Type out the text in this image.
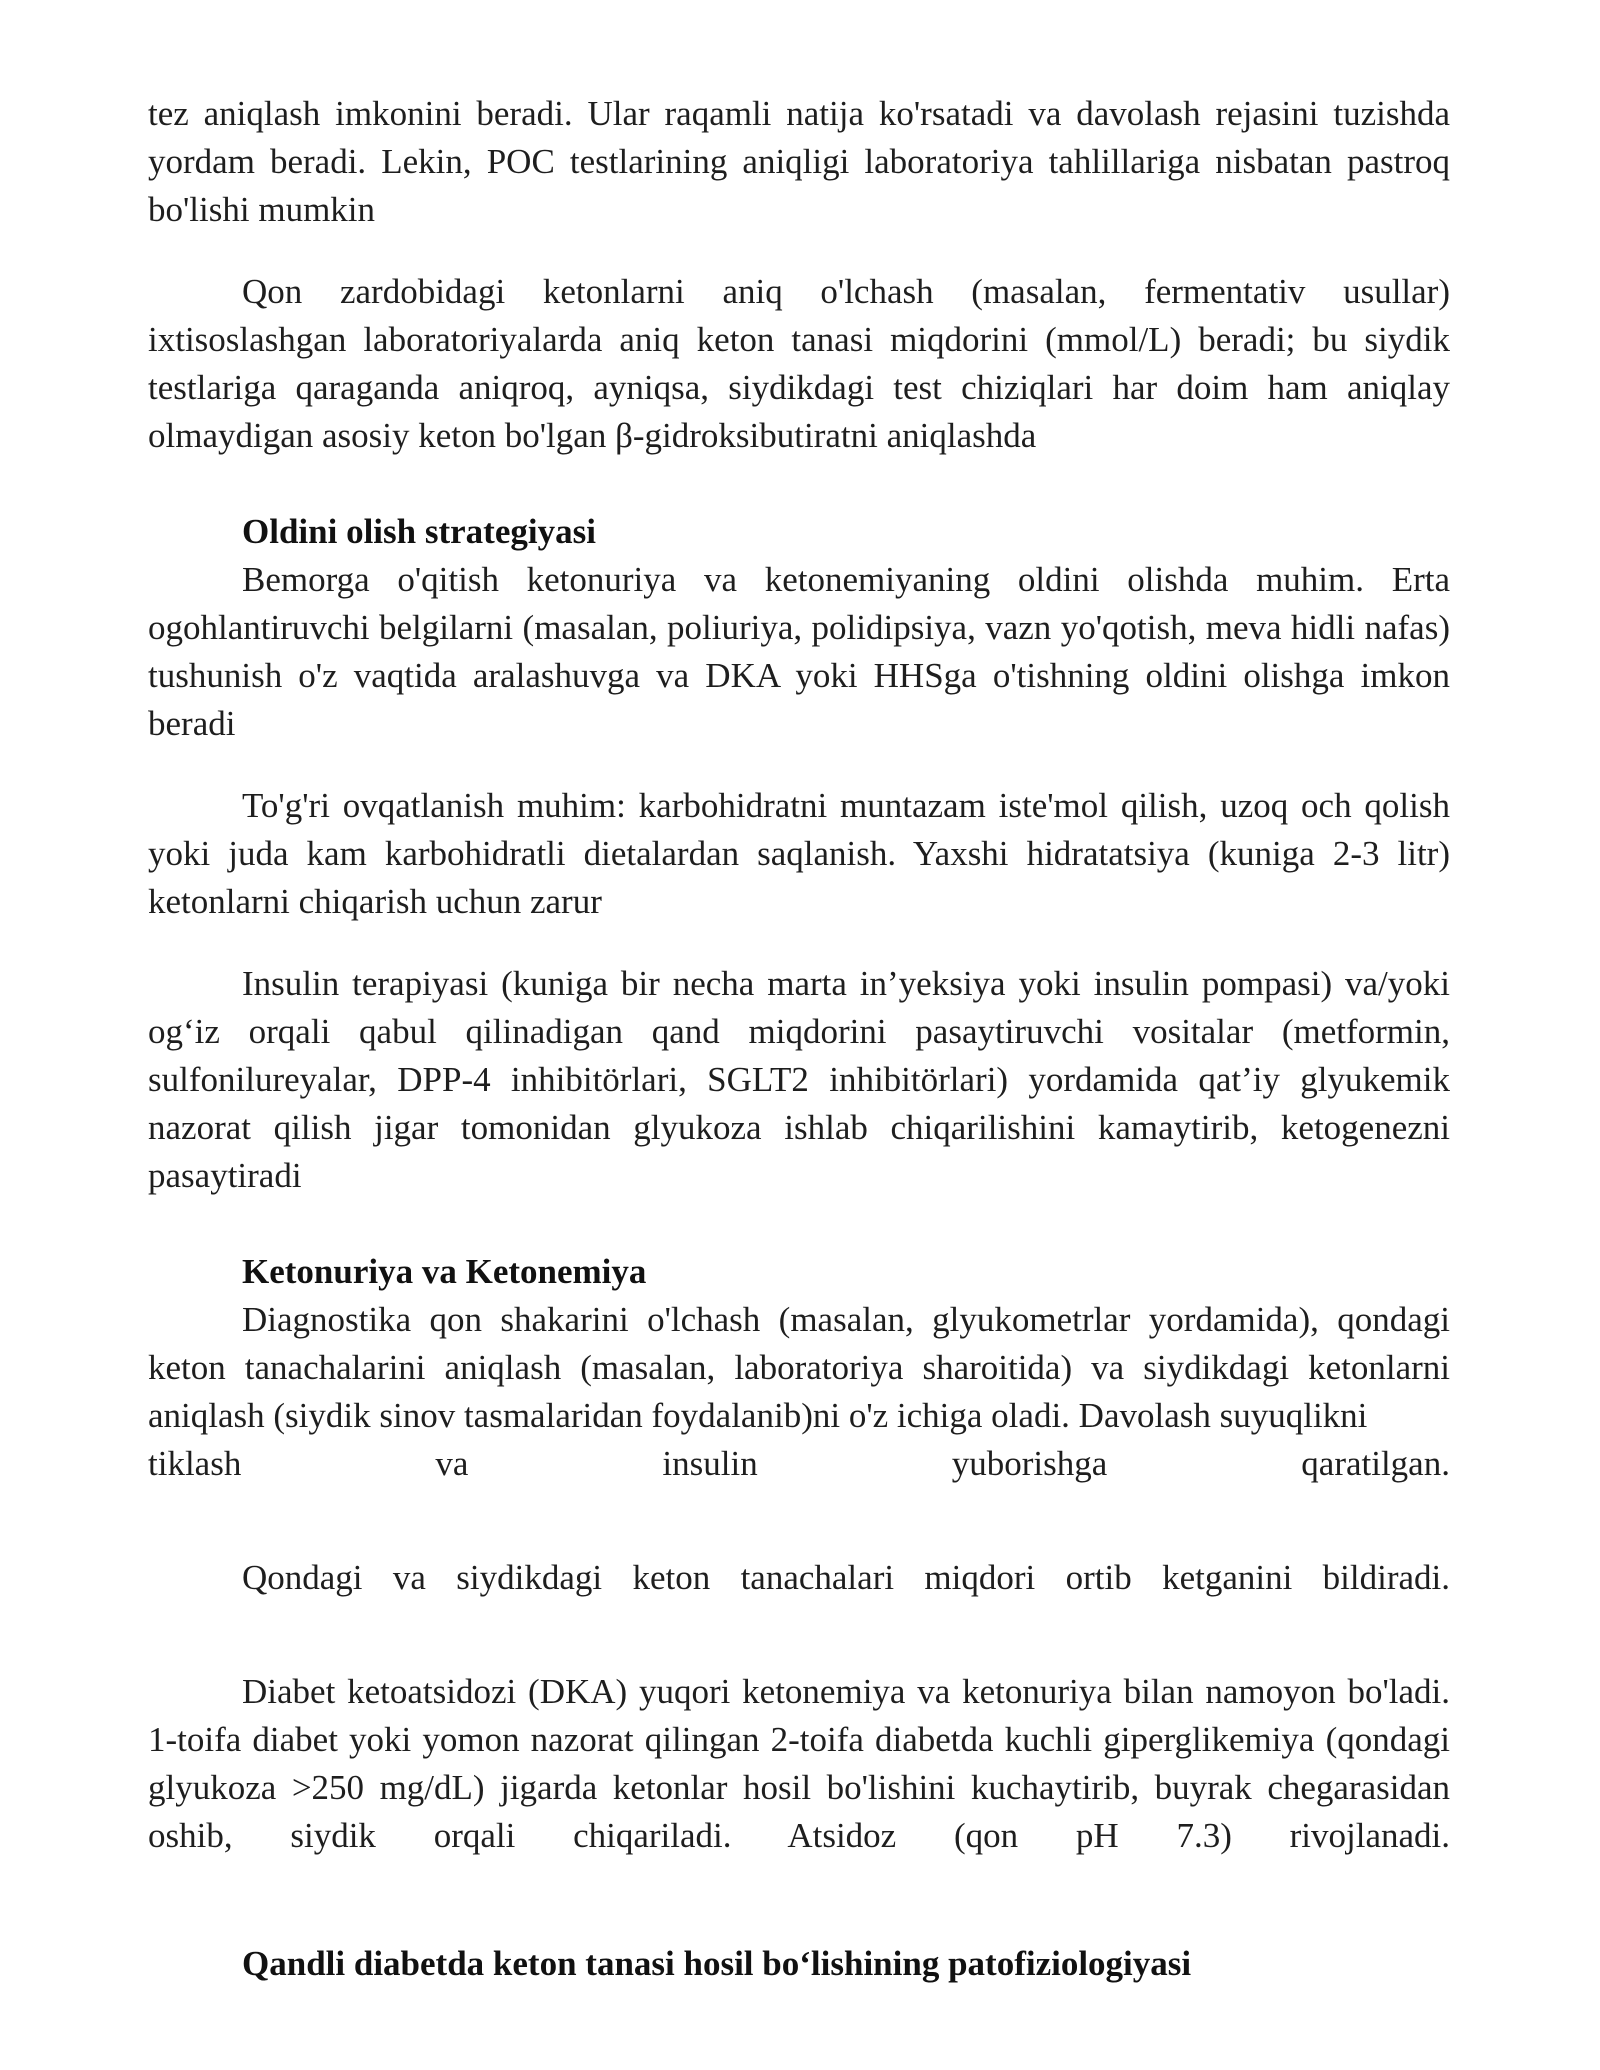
tez aniqlash imkonini beradi. Ular raqamli natija ko'rsatadi va davolash rejasini tuzishda yordam beradi. Lekin, POC testlarining aniqligi laboratoriya tahlillariga nisbatan pastroq bo'lishi mumkin

Qon zardobidagi ketonlarni aniq o'lchash (masalan, fermentativ usullar) ixtisoslashgan laboratoriyalarda aniq keton tanasi miqdorini (mmol/L) beradi; bu siydik testlariga qaraganda aniqroq, ayniqsa, siydikdagi test chiziqlari har doim ham aniqlay olmaydigan asosiy keton bo'lgan β-gidroksibutiratni aniqlashda

Oldini olish strategiyasi

Bemorga o'qitish ketonuriya va ketonemiyaning oldini olishda muhim. Erta ogohlantiruvchi belgilarni (masalan, poliuriya, polidipsiya, vazn yo'qotish, meva hidli nafas) tushunish o'z vaqtida aralashuvga va DKA yoki HHSga o'tishning oldini olishga imkon beradi

To'g'ri ovqatlanish muhim: karbohidratni muntazam iste'mol qilish, uzoq och qolish yoki juda kam karbohidratli dietalardan saqlanish. Yaxshi hidratatsiya (kuniga 2-3 litr) ketonlarni chiqarish uchun zarur

Insulin terapiyasi (kuniga bir necha marta in’yeksiya yoki insulin pompasi) va/yoki ogʻiz orqali qabul qilinadigan qand miqdorini pasaytiruvchi vositalar (metformin, sulfonilureyalar, DPP-4 inhibitörlari, SGLT2 inhibitörlari) yordamida qat’iy glyukemik nazorat qilish jigar tomonidan glyukoza ishlab chiqarilishini kamaytirib, ketogenezni pasaytiradi

Ketonuriya va Ketonemiya

Diagnostika qon shakarini o'lchash (masalan, glyukometrlar yordamida), qondagi keton tanachalarini aniqlash (masalan, laboratoriya sharoitida) va siydikdagi ketonlarni aniqlash (siydik sinov tasmalaridan foydalanib)ni o'z ichiga oladi. Davolash suyuqlikni

tiklash	va	insulin	yuborishga	qaratilgan.

Qondagi va siydikdagi keton tanachalari miqdori ortib ketganini bildiradi.

Diabet ketoatsidozi (DKA) yuqori ketonemiya va ketonuriya bilan namoyon bo'ladi. 1-toifa diabet yoki yomon nazorat qilingan 2-toifa diabetda kuchli giperglikemiya (qondagi glyukoza >250 mg/dL) jigarda ketonlar hosil bo'lishini kuchaytirib, buyrak chegarasidan oshib, siydik orqali chiqariladi. Atsidoz (qon pH 7.3) rivojlanadi.

Qandli diabetda keton tanasi hosil boʻlishining patofiziologiyasi
